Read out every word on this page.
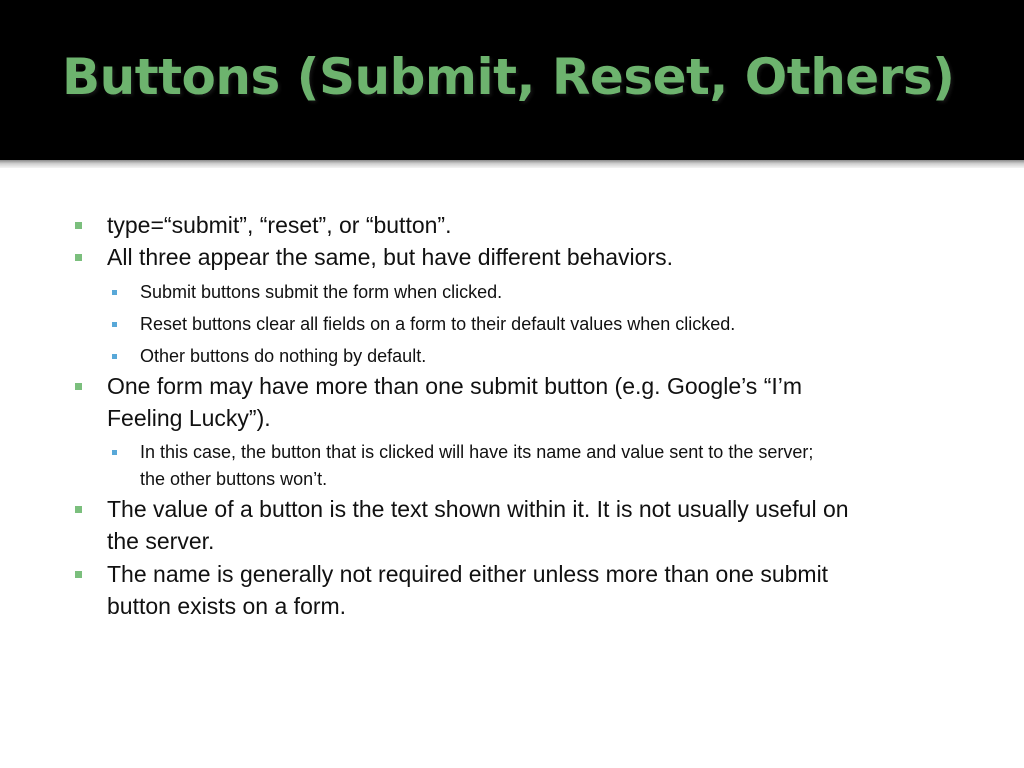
Buttons (Submit, Reset, Others)
type=“submit”, “reset”, or “button”.
All three appear the same, but have different behaviors.
Submit buttons submit the form when clicked.
Reset buttons clear all fields on a form to their default values when clicked.
Other buttons do nothing by default.
One form may have more than one submit button (e.g. Google’s “I’m
Feeling Lucky”).
In this case, the button that is clicked will have its name and value sent to the server;
the other buttons won’t.
The value of a button is the text shown within it. It is not usually useful on
the server.
The name is generally not required either unless more than one submit
button exists on a form.
